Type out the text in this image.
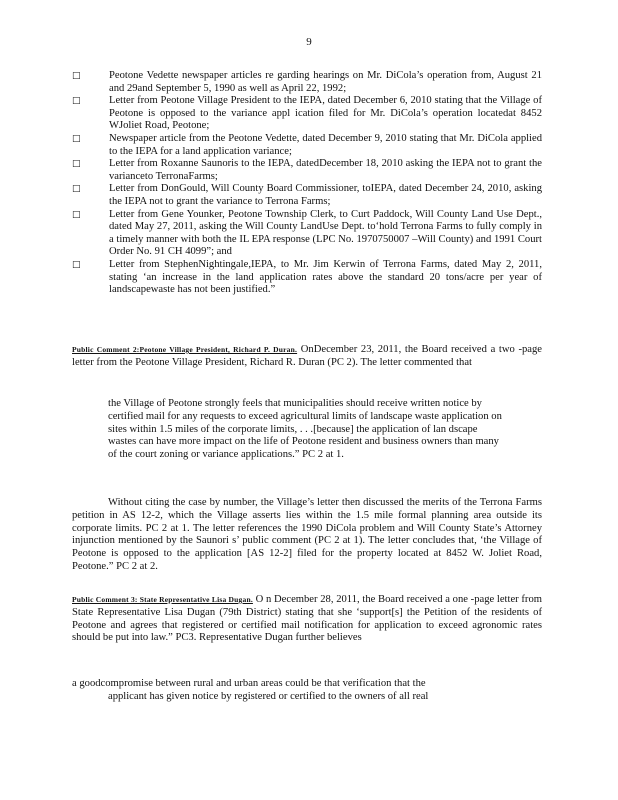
9
□	Peotone Vedette newspaper articles re garding hearings on Mr. DiCola’s operation from, August 21 and 29and September 5, 1990 as well as April 22, 1992;
□	Letter from Peotone Village President to the IEPA, dated December 6, 2010 stating that the Village of Peotone is opposed to the variance appl ication filed for Mr. DiCola’s operation locatedat 8452 WJoliet Road, Peotone;
□	Newspaper article from the Peotone Vedette, dated December 9, 2010 stating that Mr. DiCola applied to the IEPA for a land application variance;
□	Letter from Roxanne Saunoris to the IEPA, datedDecember 18, 2010 asking the IEPA not to grant the varianceto TerronaFarms;
□	Letter from DonGould, Will County Board Commissioner, toIEPA, dated December 24, 2010, asking the IEPA not to grant the variance to Terrona Farms;
□	Letter from Gene Younker, Peotone Township Clerk, to Curt Paddock, Will County Land Use Dept., dated May 27, 2011, asking the Will County LandUse Dept. to‘hold Terrona Farms to fully comply in a timely manner with both the IL EPA response (LPC No. 1970750007 –Will County) and 1991 Court Order No. 91 CH 4099”; and
□	Letter from StephenNightingale,IEPA, to Mr. Jim Kerwin of Terrona Farms, dated May 2, 2011, stating ‘an increase in the land application rates above the standard 20 tons/acre per year of landscapewaste has not been justified.”
Public Comment 2:Peotone Village President, Richard P. Duran. OnDecember 23, 2011, the Board received a two -page letter from the Peotone Village President, Richard R. Duran (PC 2). The letter commented that
the Village of Peotone strongly feels that municipalities should receive written notice by certified mail for any requests to exceed agricultural limits of landscape waste application on sites within 1.5 miles of the corporate limits, . . .[because] the application of lan dscape wastes can have more impact on the life of Peotone resident and business owners than many of the court zoning or variance applications.” PC 2 at 1.
Without citing the case by number, the Village’s letter then discussed the merits of the Terrona Farms petition in AS 12-2, which the Village asserts lies within the 1.5 mile formal planning area outside its corporate limits. PC 2 at 1. The letter references the 1990 DiCola problem and Will County State’s Attorney injunction mentioned by the Saunori s’ public comment (PC 2 at 1). The letter concludes that, ‘the Village of Peotone is opposed to the application [AS 12-2] filed for the property located at 8452 W. Joliet Road, Peotone.” PC 2 at 2.
Public Comment 3: State Representative Lisa Dugan. O n December 28, 2011, the Board received a one -page letter from State Representative Lisa Dugan (79th District) stating that she ‘support[s] the Petition of the residents of Peotone and agrees that registered or certified mail notification for application to exceed agronomic rates should be put into law.” PC3. Representative Dugan further believes
a goodcompromise between rural and urban areas could be that verification that the
applicant has given notice by registered or certified to the owners of all real
